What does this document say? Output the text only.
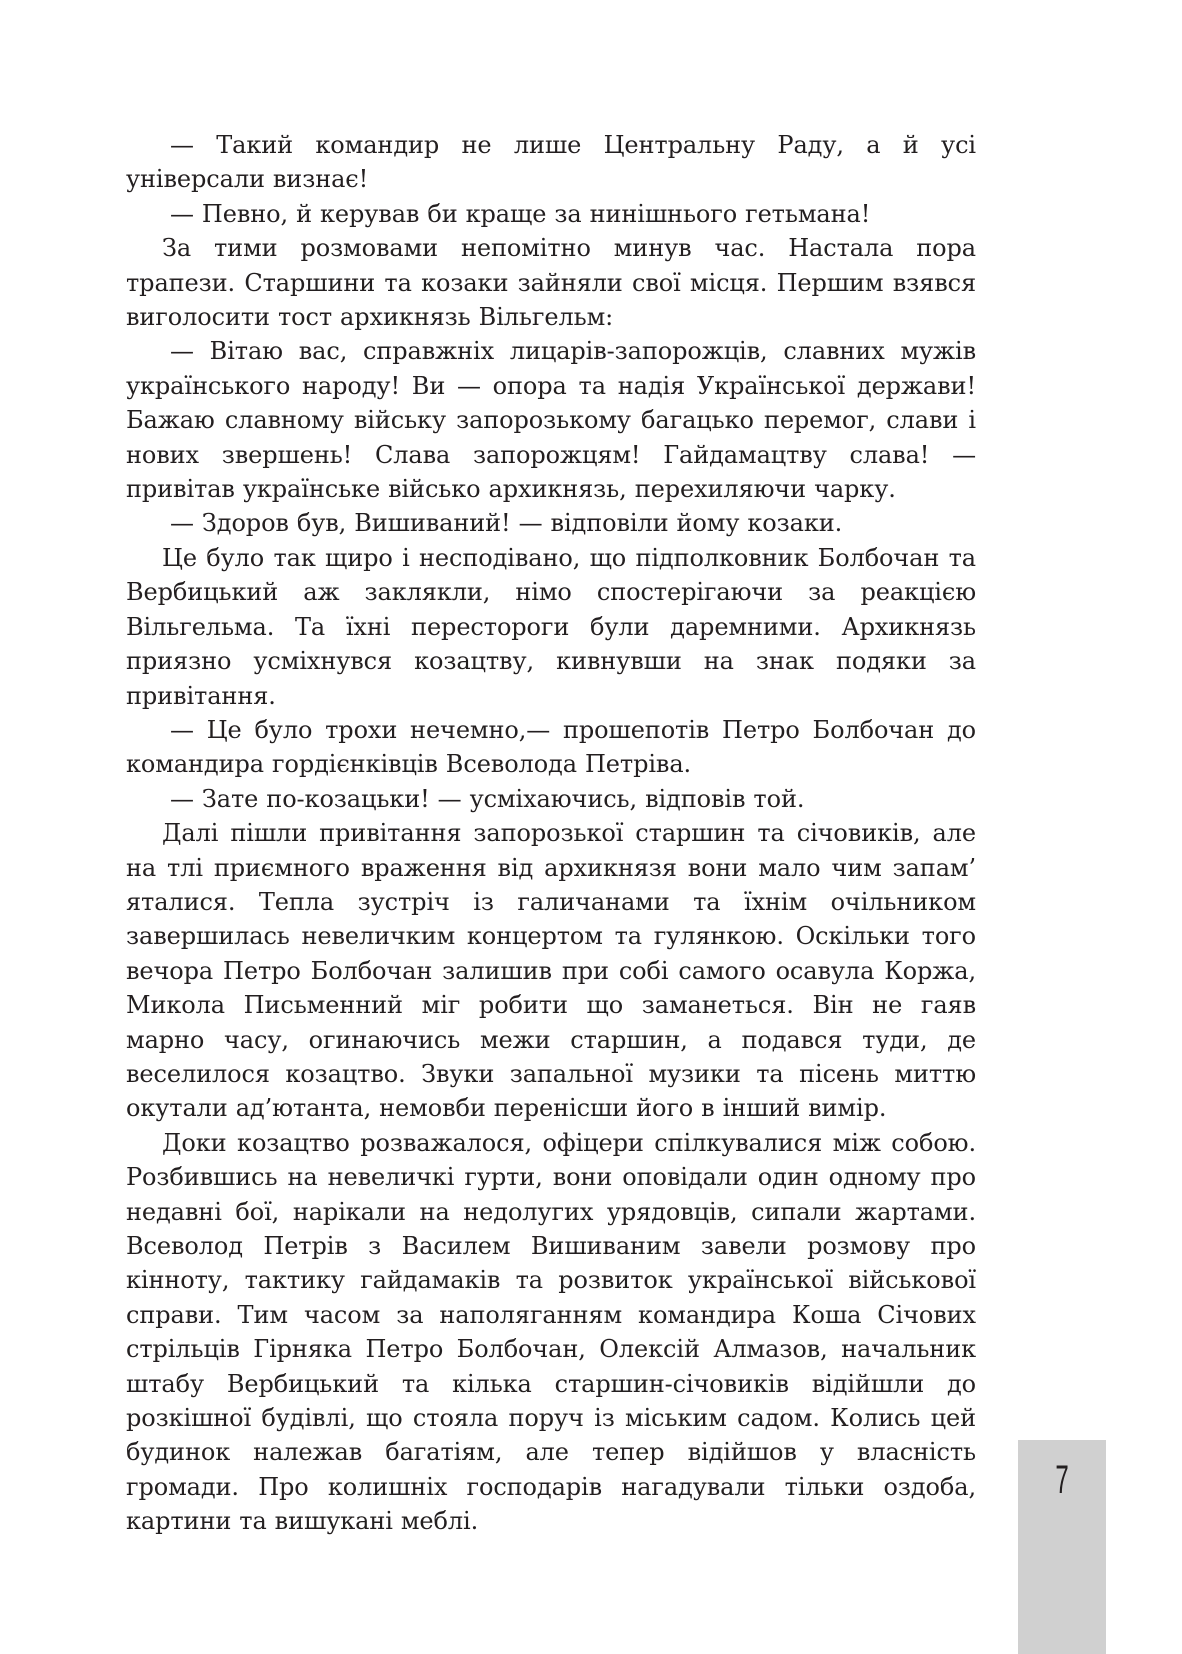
— Такий командир не лише Центральну Раду, а й усі універсали визнає!

— Певно, й керував би краще за нинішнього гетьмана!

За тими розмовами непомітно минув час. Настала пора трапези. Старшини та козаки зайняли свої місця. Першим взявся виголосити тост архикнязь Вільгельм:

— Вітаю вас, справжніх лицарів-запорожців, славних мужів українського народу! Ви — опора та надія Української держави! Бажаю славному війську запорозькому багацько перемог, слави і нових звершень! Слава запорожцям! Гайдамацтву слава! — привітав українське військо архикнязь, перехиляючи чарку.

— Здоров був, Вишиваний! — відповіли йому козаки.

Це було так щиро і несподівано, що підполковник Болбочан та Вербицький аж заклякли, німо спостерігаючи за реакцією Вільгельма. Та їхні перестороги були даремними. Архикнязь приязно усміхнувся козацтву, кивнувши на знак подяки за привітання.

— Це було трохи нечемно,— прошепотів Петро Болбочан до командира гордієнківців Всеволода Петріва.

— Зате по-козацьки! — усміхаючись, відповів той.

Далі пішли привітання запорозької старшин та січовиків, але на тлі приємного враження від архикнязя вони мало чим запам’ яталися. Тепла зустріч із галичанами та їхнім очільником завершилась невеличким концертом та гулянкою. Оскільки того вечора Петро Болбочан залишив при собі самого осавула Коржа, Микола Письменний міг робити що заманеться. Він не гаяв марно часу, огинаючись межи старшин, а подався туди, де веселилося козацтво. Звуки запальної музики та пісень миттю окутали ад’ютанта, немовби перенісши його в інший вимір.

Доки козацтво розважалося, офіцери спілкувалися між собою. Розбившись на невеличкі гурти, вони оповідали один одному про недавні бої, нарікали на недолугих урядовців, сипали жартами. Всеволод Петрів з Василем Вишиваним завели розмову про кінноту, тактику гайдамаків та розвиток української військової справи. Тим часом за наполяганням командира Коша Січових стрільців Гірняка Петро Болбочан, Олексій Алмазов, начальник штабу Вербицький та кілька старшин-січовиків відійшли до розкішної будівлі, що стояла поруч із міським садом. Колись цей будинок належав багатіям, але тепер відійшов у власність громади. Про колишніх господарів нагадували тільки оздоба, картини та вишукані меблі.

7
